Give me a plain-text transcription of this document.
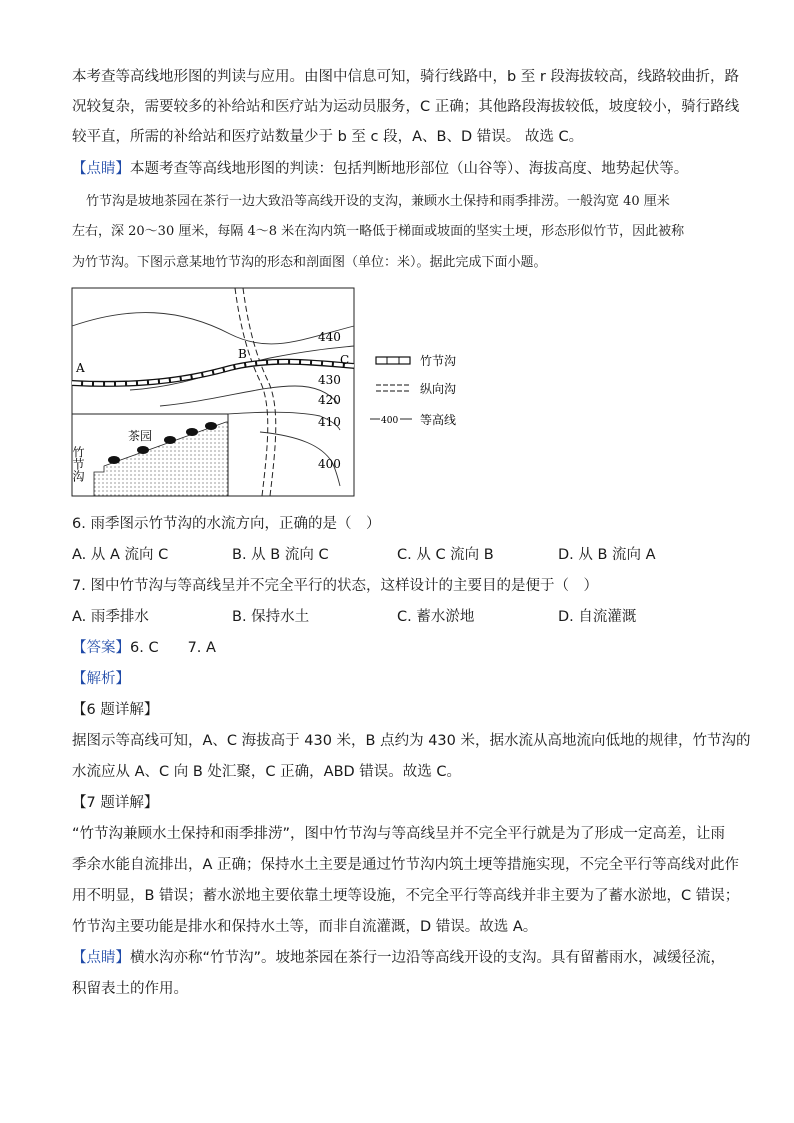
本考查等高线地形图的判读与应用。由图中信息可知，骑行线路中，b 至 r 段海拔较高，线路较曲折，路
况较复杂，需要较多的补给站和医疗站为运动员服务，C 正确；其他路段海拔较低，坡度较小，骑行路线
较平直，所需的补给站和医疗站数量少于 b 至 c 段，A、B、D 错误。 故选 C。
【点睛】本题考查等高线地形图的判读：包括判断地形部位（山谷等）、海拔高度、地势起伏等。
竹节沟是坡地茶园在茶行一边大致沿等高线开设的支沟，兼顾水土保持和雨季排涝。一般沟宽 40 厘米
左右，深 20～30 厘米，每隔 4～8 米在沟内筑一略低于梯面或坡面的坚实土埂，形态形似竹节，因此被称
为竹节沟。下图示意某地竹节沟的形态和剖面图（单位：米）。据此完成下面小题。
A
B	C
440
430
420
410
400
茶园
竹节沟
竹节沟
纵向沟
400 等高线
6. 雨季图示竹节沟的水流方向，正确的是（　）
A. 从 A 流向 C	B. 从 B 流向 C	C. 从 C 流向 B	D. 从 B 流向 A
7. 图中竹节沟与等高线呈并不完全平行的状态，这样设计的主要目的是便于（　）
A. 雨季排水	B. 保持水土	C. 蓄水淤地	D. 自流灌溉
【答案】6. C　　7. A
【解析】
【6 题详解】
据图示等高线可知，A、C 海拔高于 430 米，B 点约为 430 米，据水流从高地流向低地的规律，竹节沟的
水流应从 A、C 向 B 处汇聚，C 正确，ABD 错误。故选 C。
【7 题详解】
“竹节沟兼顾水土保持和雨季排涝”，图中竹节沟与等高线呈并不完全平行就是为了形成一定高差，让雨
季余水能自流排出，A 正确；保持水土主要是通过竹节沟内筑土埂等措施实现，不完全平行等高线对此作
用不明显，B 错误；蓄水淤地主要依靠土埂等设施，不完全平行等高线并非主要为了蓄水淤地，C 错误；
竹节沟主要功能是排水和保持水土等，而非自流灌溉，D 错误。故选 A。
【点睛】横水沟亦称“竹节沟”。坡地茶园在茶行一边沿等高线开设的支沟。具有留蓄雨水，减缓径流，
积留表土的作用。
